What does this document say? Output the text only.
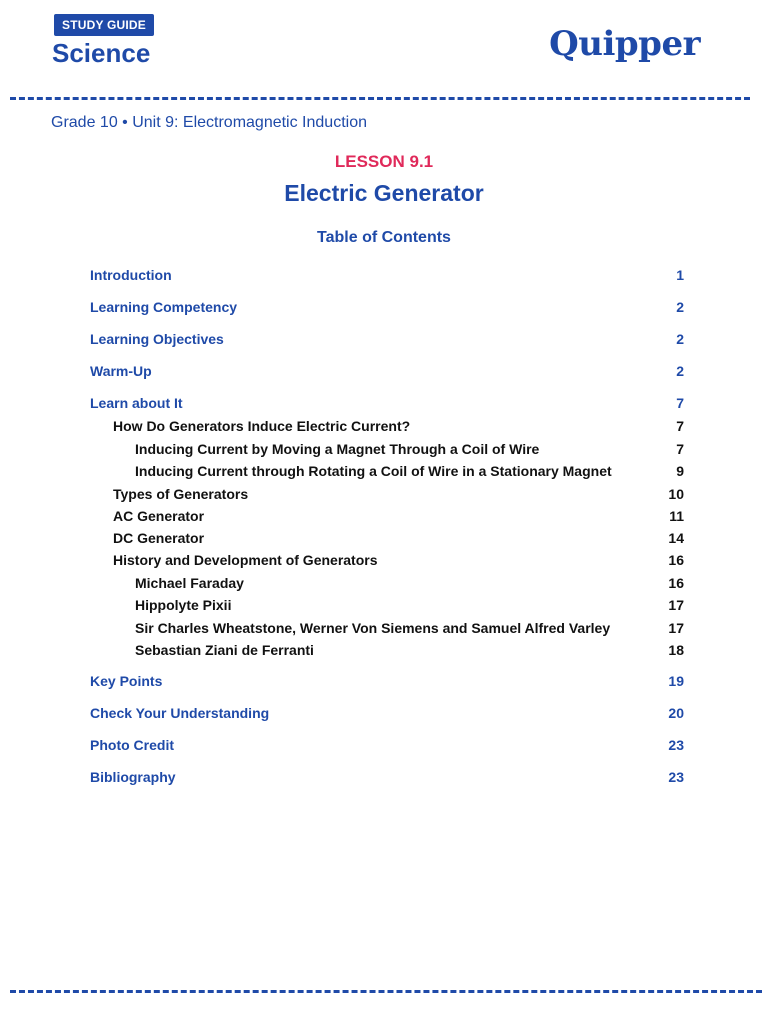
STUDY GUIDE
Science	Quipper
Grade 10 • Unit 9: Electromagnetic Induction
LESSON 9.1
Electric Generator
Table of Contents
Introduction	1
Learning Competency	2
Learning Objectives	2
Warm-Up	2
Learn about It	7
How Do Generators Induce Electric Current?	7
Inducing Current by Moving a Magnet Through a Coil of Wire	7
Inducing Current through Rotating a Coil of Wire in a Stationary Magnet	9
Types of Generators	10
AC Generator	11
DC Generator	14
History and Development of Generators	16
Michael Faraday	16
Hippolyte Pixii	17
Sir Charles Wheatstone, Werner Von Siemens and Samuel Alfred Varley	17
Sebastian Ziani de Ferranti	18
Key Points	19
Check Your Understanding	20
Photo Credit	23
Bibliography	23
